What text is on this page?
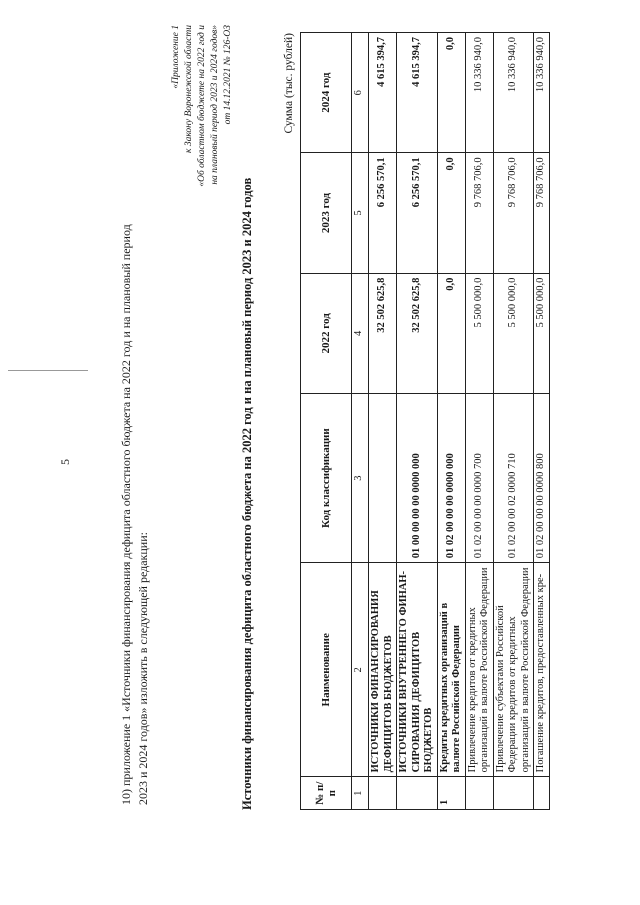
5	10) приложение 1 «Источники финансирования дефицита областного бюджета на 2022 год и на плановый период 2023 и 2024 годов» изложить в следующей редакции:
«Приложение 1 к Закону Воронежской области «Об областном бюджете на 2022 год и на плановый период 2023 и 2024 годов» от 14.12.2021 № 126-ОЗ
Источники финансирования дефицита областного бюджета на 2022 год и на плановый период 2023 и 2024 годов
Сумма (тыс. рублей)
№ п/п	Наименование	Код классификации	2022 год	2023 год	2024 год
1	2	3	4	5	6
	ИСТОЧНИКИ ФИНАНСИРОВАНИЯ ДЕФИЦИТОВ БЮДЖЕТОВ		32 502 625,8	6 256 570,1	4 615 394,7
	ИСТОЧНИКИ ВНУТРЕННЕГО ФИНАН-СИРОВАНИЯ ДЕФИЦИТОВ БЮДЖЕТОВ	01 00 00 00 00 0000 000	32 502 625,8	6 256 570,1	4 615 394,7
1	Кредиты кредитных организаций в валюте Российской Федерации	01 02 00 00 00 0000 000	0,0	0,0	0,0
	Привлечение кредитов от кредитных организаций в валюте Российской Федерации	01 02 00 00 00 0000 700	5 500 000,0	9 768 706,0	10 336 940,0
	Привлечение субъектами Российской Федерации кредитов от кредитных организаций в валюте Российской Федерации	01 02 00 00 02 0000 710	5 500 000,0	9 768 706,0	10 336 940,0
	Погашение кредитов, предоставленных кре-	01 02 00 00 00 0000 800	5 500 000,0	9 768 706,0	10 336 940,0
